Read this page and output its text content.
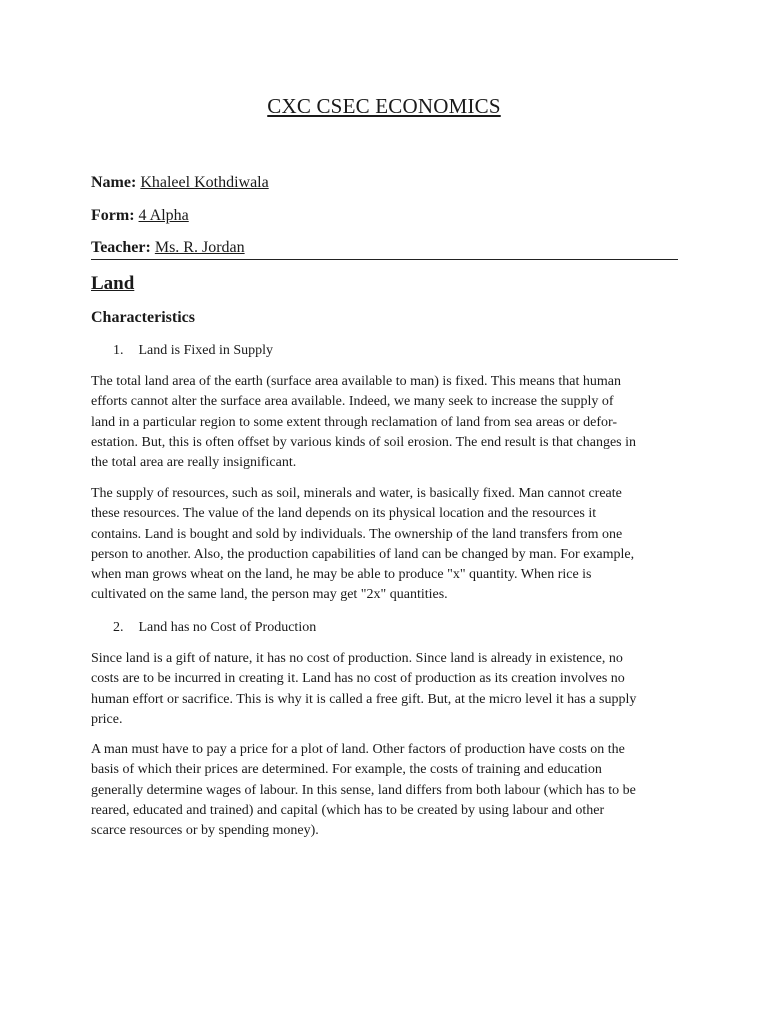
CXC CSEC ECONOMICS
Name: Khaleel Kothdiwala
Form: 4 Alpha
Teacher: Ms. R. Jordan
Land
Characteristics
1. Land is Fixed in Supply
The total land area of the earth (surface area available to man) is fixed. This means that human
efforts cannot alter the surface area available. Indeed, we many seek to increase the supply of
land in a particular region to some extent through reclamation of land from sea areas or defor-
estation. But, this is often offset by various kinds of soil erosion. The end result is that changes in
the total area are really insignificant.
The supply of resources, such as soil, minerals and water, is basically fixed. Man cannot create
these resources. The value of the land depends on its physical location and the resources it
contains. Land is bought and sold by individuals. The ownership of the land transfers from one
person to another. Also, the production capabilities of land can be changed by man. For example,
when man grows wheat on the land, he may be able to produce "x" quantity. When rice is
cultivated on the same land, the person may get "2x" quantities.
2. Land has no Cost of Production
Since land is a gift of nature, it has no cost of production. Since land is already in existence, no
costs are to be incurred in creating it. Land has no cost of production as its creation involves no
human effort or sacrifice. This is why it is called a free gift. But, at the micro level it has a supply
price.
A man must have to pay a price for a plot of land. Other factors of production have costs on the
basis of which their prices are determined. For example, the costs of training and education
generally determine wages of labour. In this sense, land differs from both labour (which has to be
reared, educated and trained) and capital (which has to be created by using labour and other
scarce resources or by spending money).
